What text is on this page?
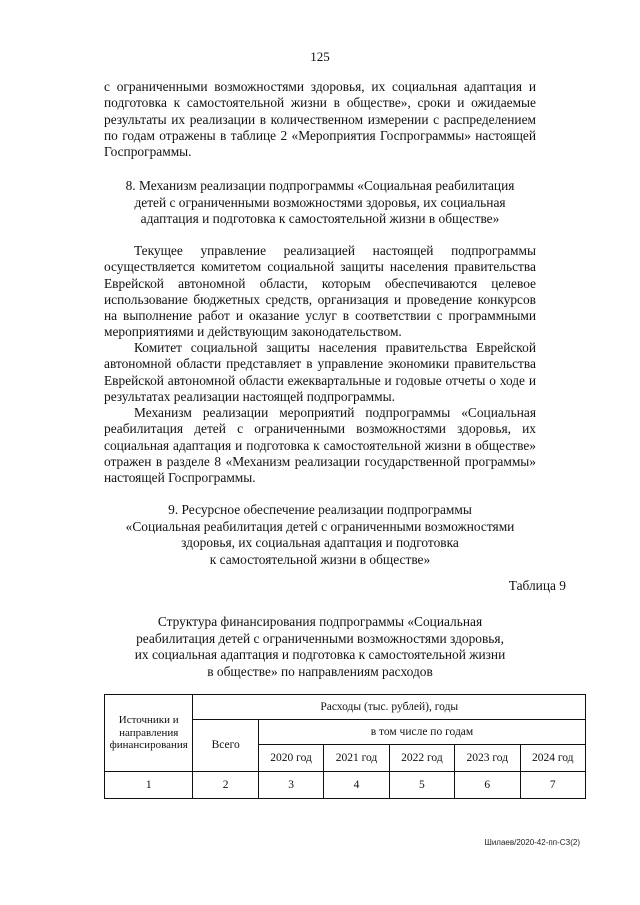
125

с ограниченными возможностями здоровья, их социальная адаптация и подготовка к самостоятельной жизни в обществе», сроки и ожидаемые результаты их реализации в количественном измерении с распределением по годам отражены в таблице 2 «Мероприятия Госпрограммы» настоящей Госпрограммы.

8. Механизм реализации подпрограммы «Социальная реабилитация
детей с ограниченными возможностями здоровья, их социальная
адаптация и подготовка к самостоятельной жизни в обществе»

Текущее управление реализацией настоящей подпрограммы осуществляется комитетом социальной защиты населения правительства Еврейской автономной области, которым обеспечиваются целевое использование бюджетных средств, организация и проведение конкурсов на выполнение работ и оказание услуг в соответствии с программными мероприятиями и действующим законодательством.

Комитет социальной защиты населения правительства Еврейской автономной области представляет в управление экономики правительства Еврейской автономной области ежеквартальные и годовые отчеты о ходе и результатах реализации настоящей подпрограммы.

Механизм реализации мероприятий подпрограммы «Социальная реабилитация детей с ограниченными возможностями здоровья, их социальная адаптация и подготовка к самостоятельной жизни в обществе» отражен в разделе 8 «Механизм реализации государственной программы» настоящей Госпрограммы.

9. Ресурсное обеспечение реализации подпрограммы
«Социальная реабилитация детей с ограниченными возможностями
здоровья, их социальная адаптация и подготовка
к самостоятельной жизни в обществе»
Таблица 9
Структура финансирования подпрограммы «Социальная
реабилитация детей с ограниченными возможностями здоровья,
их социальная адаптация и подготовка к самостоятельной жизни
в обществе» по направлениям расходов
Источники и направления финансирования	Расходы (тыс. рублей), годы					
	Всего	в том числе по годам				
		2020 год	2021 год	2022 год	2023 год	2024 год
1	2	3	4	5	6	7
Шилаев/2020-42-пп-СЗ(2)
